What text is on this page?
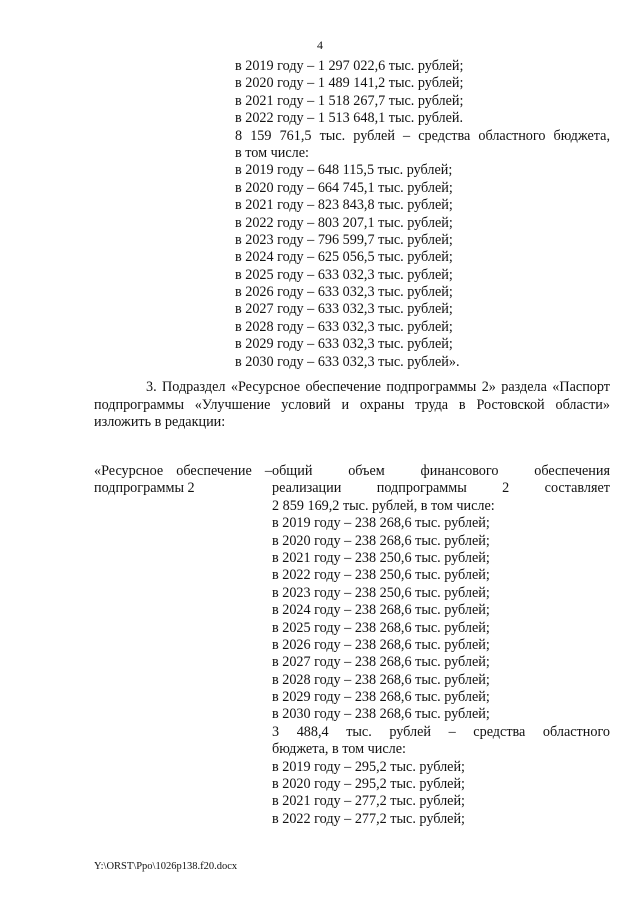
4
в 2019 году – 1 297 022,6 тыс. рублей;
в 2020 году – 1 489 141,2 тыс. рублей;
в 2021 году – 1 518 267,7 тыс. рублей;
в 2022 году – 1 513 648,1 тыс. рублей.
8 159 761,5 тыс. рублей – средства областного бюджета,
в том числе:
в 2019 году – 648 115,5 тыс. рублей;
в 2020 году – 664 745,1 тыс. рублей;
в 2021 году – 823 843,8 тыс. рублей;
в 2022 году – 803 207,1 тыс. рублей;
в 2023 году – 796 599,7 тыс. рублей;
в 2024 году – 625 056,5 тыс. рублей;
в 2025 году – 633 032,3 тыс. рублей;
в 2026 году – 633 032,3 тыс. рублей;
в 2027 году – 633 032,3 тыс. рублей;
в 2028 году – 633 032,3 тыс. рублей;
в 2029 году – 633 032,3 тыс. рублей;
в 2030 году – 633 032,3 тыс. рублей».
3. Подраздел «Ресурсное обеспечение подпрограммы 2» раздела «Паспорт
подпрограммы «Улучшение условий и охраны труда в Ростовской области»
изложить в редакции:
«Ресурсное обеспечение –
подпрограммы 2
общий объем финансового обеспечения
реализации подпрограммы 2 составляет
2 859 169,2 тыс. рублей, в том числе:
в 2019 году – 238 268,6 тыс. рублей;
в 2020 году – 238 268,6 тыс. рублей;
в 2021 году – 238 250,6 тыс. рублей;
в 2022 году – 238 250,6 тыс. рублей;
в 2023 году – 238 250,6 тыс. рублей;
в 2024 году – 238 268,6 тыс. рублей;
в 2025 году – 238 268,6 тыс. рублей;
в 2026 году – 238 268,6 тыс. рублей;
в 2027 году – 238 268,6 тыс. рублей;
в 2028 году – 238 268,6 тыс. рублей;
в 2029 году – 238 268,6 тыс. рублей;
в 2030 году – 238 268,6 тыс. рублей;
3 488,4 тыс. рублей – средства областного
бюджета, в том числе:
в 2019 году – 295,2 тыс. рублей;
в 2020 году – 295,2 тыс. рублей;
в 2021 году – 277,2 тыс. рублей;
в 2022 году – 277,2 тыс. рублей;
Y:\ORST\Ppo\1026p138.f20.docx
